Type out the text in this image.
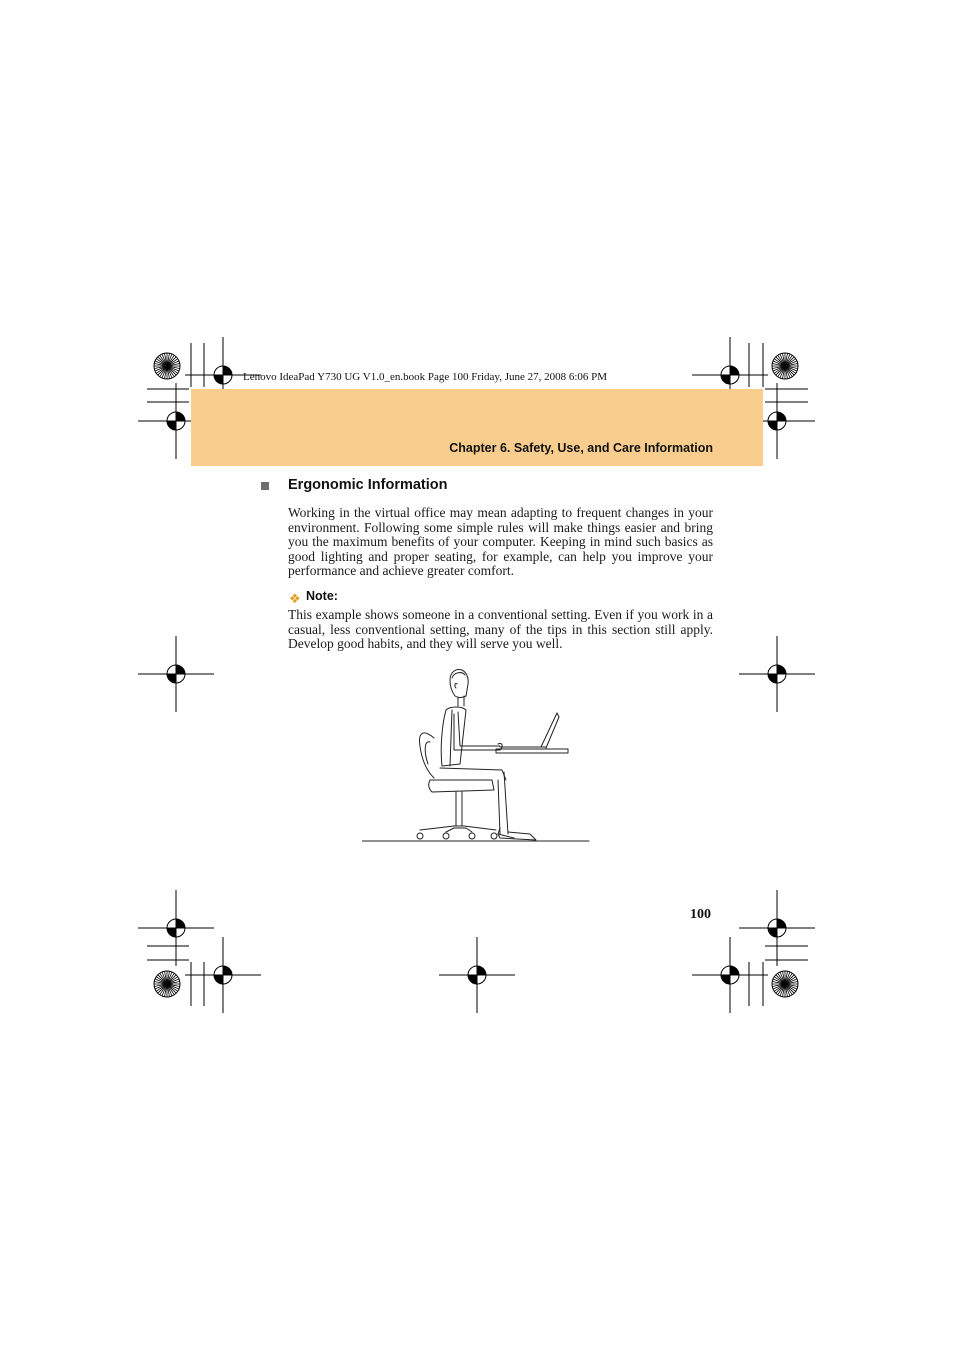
Lenovo IdeaPad Y730 UG V1.0_en.book Page 100 Friday, June 27, 2008 6:06 PM
Chapter 6. Safety, Use, and Care Information
Ergonomic Information

Working in the virtual office may mean adapting to frequent changes in your environment. Following some simple rules will make things easier and bring you the maximum benefits of your computer. Keeping in mind such basics as good lighting and proper seating, for example, can help you improve your performance and achieve greater comfort.

❖ Note:

This example shows someone in a conventional setting. Even if you work in a casual, less conventional setting, many of the tips in this section still apply. Develop good habits, and they will serve you well.

100
